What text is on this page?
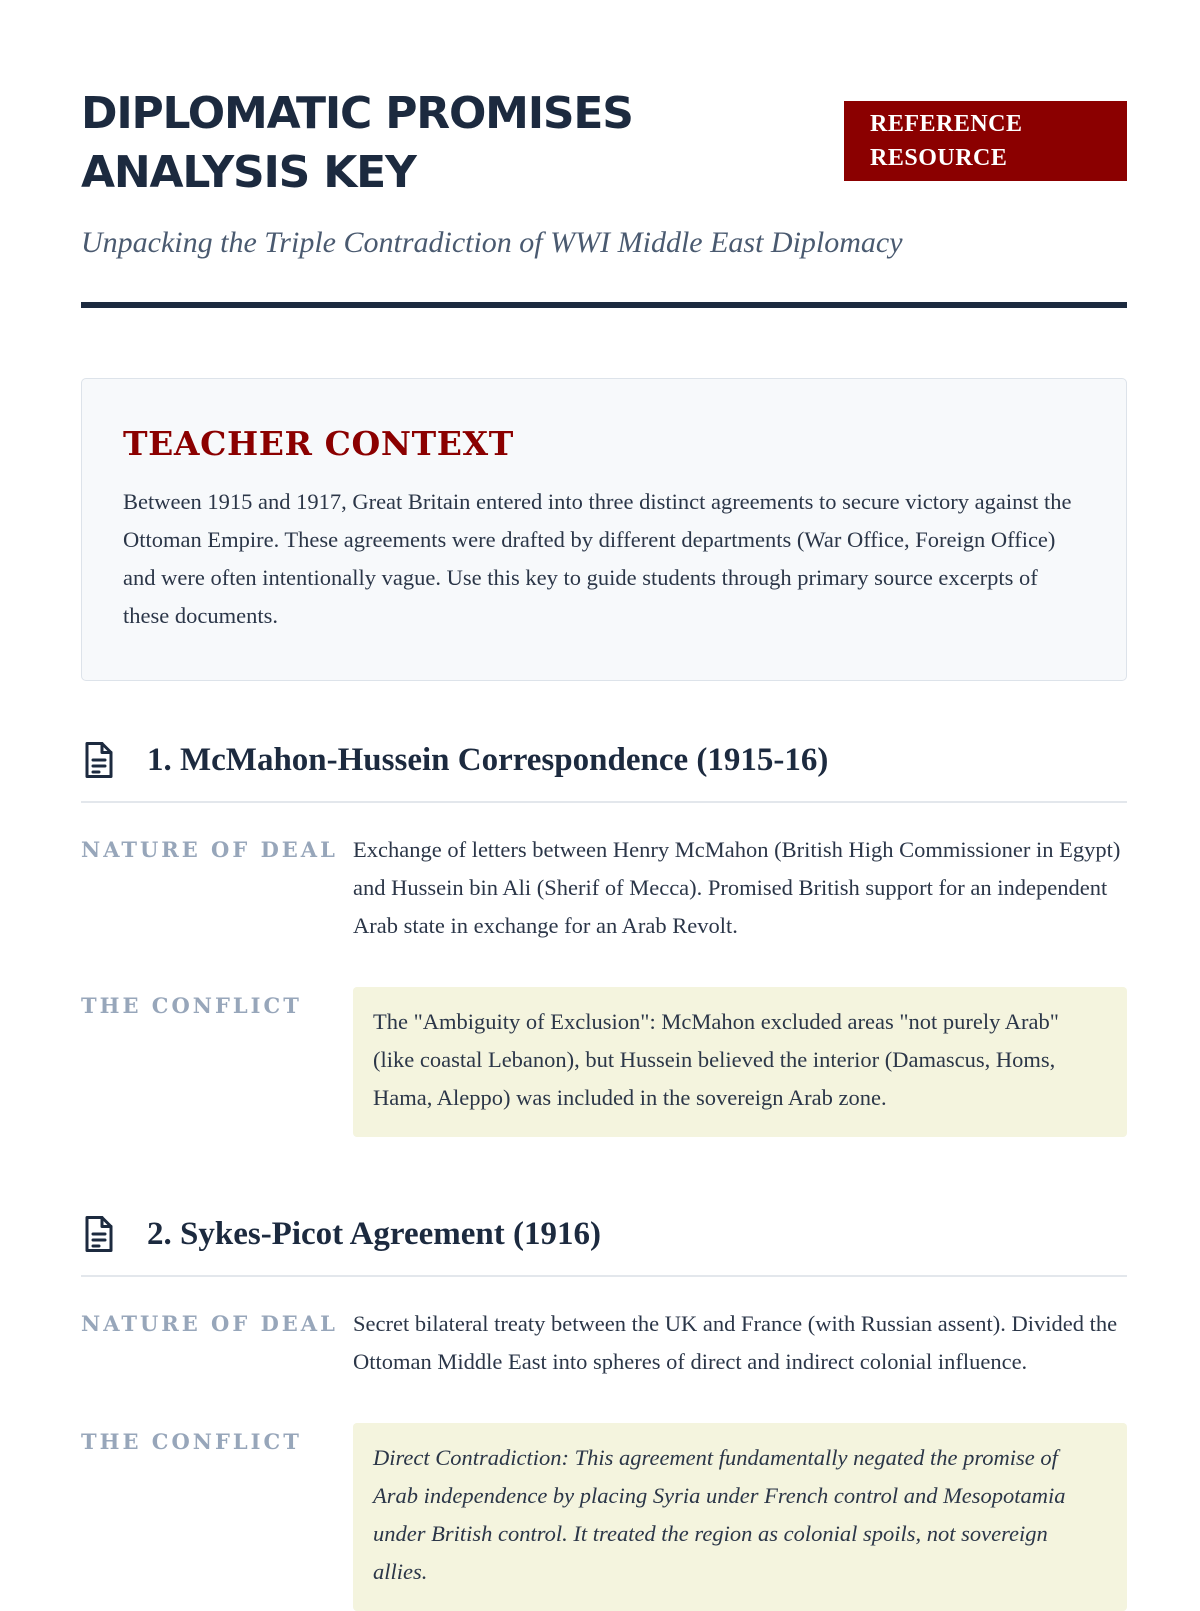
DIPLOMATIC PROMISES ANALYSIS KEY
REFERENCE RESOURCE

Unpacking the Triple Contradiction of WWI Middle East Diplomacy

TEACHER CONTEXT

Between 1915 and 1917, Great Britain entered into three distinct agreements to secure victory against the Ottoman Empire. These agreements were drafted by different departments (War Office, Foreign Office) and were often intentionally vague. Use this key to guide students through primary source excerpts of these documents.

1. McMahon-Hussein Correspondence (1915-16)
NATURE OF DEAL Exchange of letters between Henry McMahon (British High Commissioner in Egypt) and Hussein bin Ali (Sherif of Mecca). Promised British support for an independent Arab state in exchange for an Arab Revolt.
THE CONFLICT
The "Ambiguity of Exclusion": McMahon excluded areas "not purely Arab" (like coastal Lebanon), but Hussein believed the interior (Damascus, Homs, Hama, Aleppo) was included in the sovereign Arab zone.
2. Sykes-Picot Agreement (1916)
NATURE OF DEAL Secret bilateral treaty between the UK and France (with Russian assent). Divided the Ottoman Middle East into spheres of direct and indirect colonial influence.
THE CONFLICT
Direct Contradiction: This agreement fundamentally negated the promise of Arab independence by placing Syria under French control and Mesopotamia under British control. It treated the region as colonial spoils, not sovereign allies.
